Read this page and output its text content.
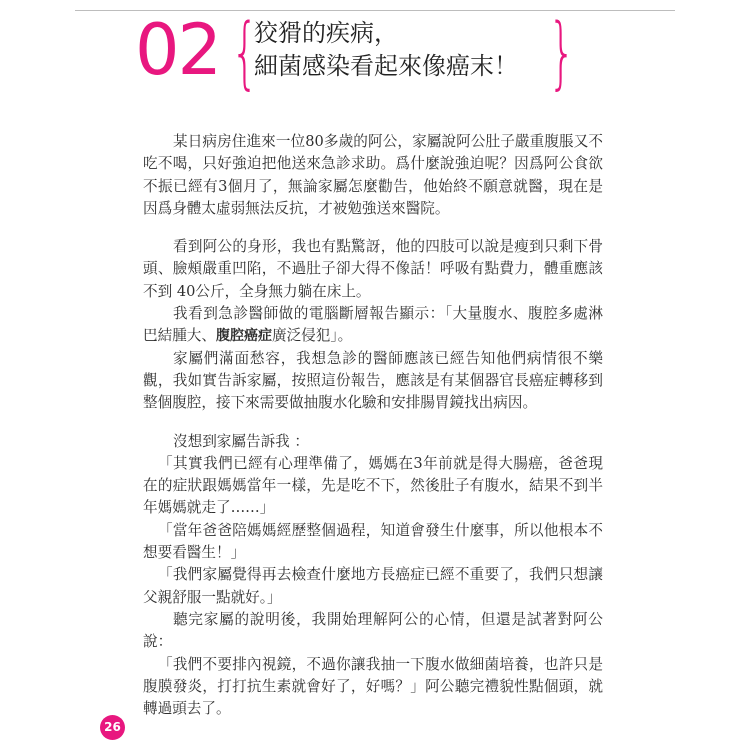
02 {
狡猾的疾病，
細菌感染看起來像癌末！ }

某日病房住進來一位80多歲的阿公，家屬說阿公肚子嚴重腹脹又不吃不喝，只好強迫把他送來急診求助。爲什麼說強迫呢？因爲阿公食欲不振已經有3個月了，無論家屬怎麼勸告，他始終不願意就醫，現在是因爲身體太虛弱無法反抗，才被勉強送來醫院。

看到阿公的身形，我也有點驚訝，他的四肢可以說是瘦到只剩下骨頭、臉頰嚴重凹陷，不過肚子卻大得不像話！呼吸有點費力，體重應該不到 40公斤，全身無力躺在床上。

我看到急診醫師做的電腦斷層報告顯示：「大量腹水、腹腔多處淋巴結腫大、腹腔癌症廣泛侵犯」。

家屬們滿面愁容，我想急診的醫師應該已經告知他們病情很不樂觀，我如實告訴家屬，按照這份報告，應該是有某個器官長癌症轉移到整個腹腔，接下來需要做抽腹水化驗和安排腸胃鏡找出病因。

沒想到家屬告訴我 ：

「其實我們已經有心理準備了，媽媽在3年前就是得大腸癌，爸爸現在的症狀跟媽媽當年一樣，先是吃不下，然後肚子有腹水，結果不到半年媽媽就走了……」

「當年爸爸陪媽媽經歷整個過程，知道會發生什麼事，所以他根本不想要看醫生！」

「我們家屬覺得再去檢查什麼地方長癌症已經不重要了，我們只想讓父親舒服一點就好。」

聽完家屬的說明後，我開始理解阿公的心情，但還是試著對阿公說：

「我們不要排內視鏡，不過你讓我抽一下腹水做細菌培養，也許只是腹膜發炎，打打抗生素就會好了，好嗎？」阿公聽完禮貌性點個頭，就轉過頭去了。

26
